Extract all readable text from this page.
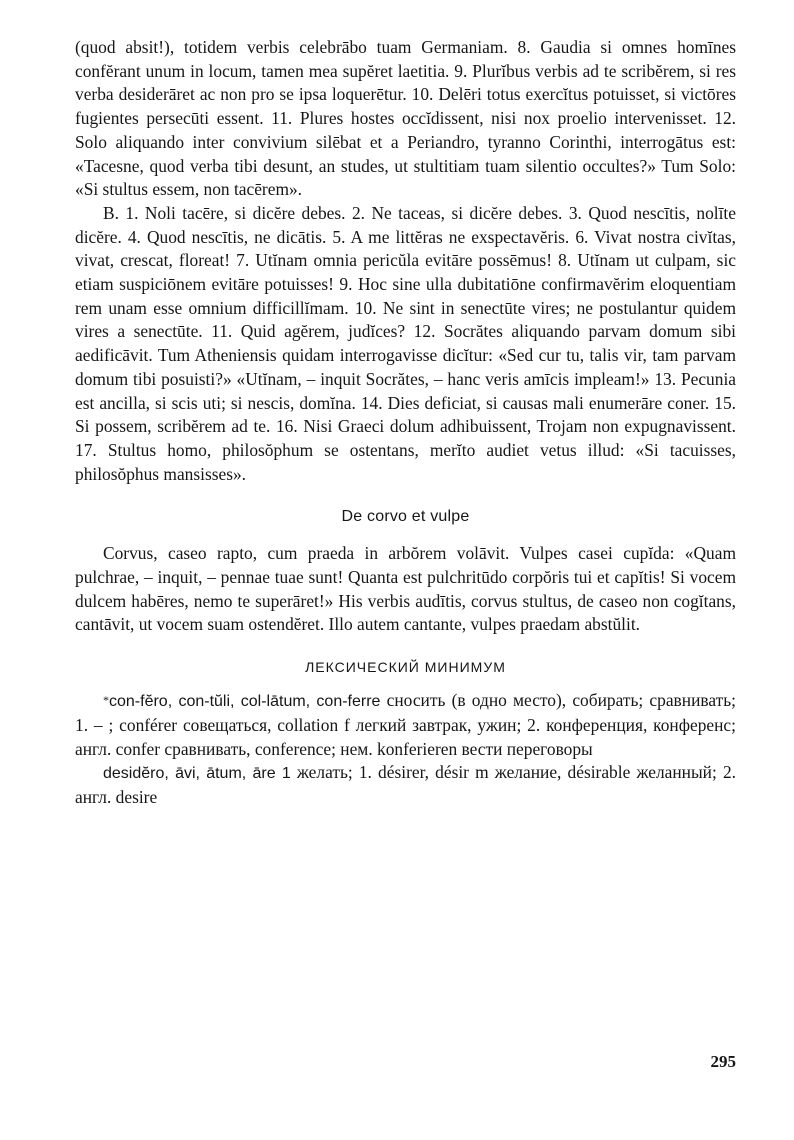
(quod absit!), totidem verbis celebrābo tuam Germaniam. 8. Gaudia si omnes homīnes confĕrant unum in locum, tamen mea supĕret laetitia. 9. Plurĭbus verbis ad te scribĕrem, si res verba desiderāret ac non pro se ipsa loquerētur. 10. Delēri totus exercĭtus potuisset, si victōres fugientes persecūti essent. 11. Plures hostes occĭdissent, nisi nox proelio intervenisset. 12. Solo aliquando inter convivium silēbat et a Periandro, tyranno Corinthi, interrogātus est: «Tacesne, quod verba tibi desunt, an studes, ut stultitiam tuam silentio occultes?» Tum Solo: «Si stultus essem, non tacērem».

B. 1. Noli tacēre, si dicĕre debes. 2. Ne taceas, si dicĕre debes. 3. Quod nescītis, nolīte dicĕre. 4. Quod nescītis, ne dicātis. 5. A me littĕras ne exspectavĕris. 6. Vivat nostra civĭtas, vivat, crescat, floreat! 7. Utĭnam omnia pericŭla evitāre possēmus! 8. Utĭnam ut culpam, sic etiam suspiciōnem evitāre potuisses! 9. Hoc sine ulla dubitatiōne confirmavĕrim eloquentiam rem unam esse omnium difficillĭmam. 10. Ne sint in senectūte vires; ne postulantur quidem vires a senectūte. 11. Quid agĕrem, judĭces? 12. Socrătes aliquando parvam domum sibi aedificāvit. Tum Atheniensis quidam interrogavisse dicĭtur: «Sed cur tu, talis vir, tam parvam domum tibi posuisti?» «Utĭnam, – inquit Socrătes, – hanc veris amīcis impleam!» 13. Pecunia est ancilla, si scis uti; si nescis, domĭna. 14. Dies deficiat, si causas mali enumerāre coner. 15. Si possem, scribĕrem ad te. 16. Nisi Graeci dolum adhibuissent, Trojam non expugnavissent. 17. Stultus homo, philosŏphum se ostentans, merĭto audiet vetus illud: «Si tacuisses, philosŏphus mansisses».

De corvo et vulpe

Corvus, caseo rapto, cum praeda in arbŏrem volāvit. Vulpes casei cupĭda: «Quam pulchrae, – inquit, – pennae tuae sunt! Quanta est pulchritūdo corpŏris tui et capĭtis! Si vocem dulcem habēres, nemo te superāret!» His verbis audītis, corvus stultus, de caseo non cogĭtans, cantāvit, ut vocem suam ostendĕret. Illo autem cantante, vulpes praedam abstŭlit.

ЛЕКСИЧЕСКИЙ МИНИМУМ

*con-fĕro, con-tŭli, col-lātum, con-ferre сносить (в одно место), собирать; сравнивать; 1. – ; conférer совещаться, collation f легкий завтрак, ужин; 2. конференция, конференс; англ. confer сравнивать, conference; нем. konferieren вести переговоры

desidĕro, āvi, ātum, āre 1 желать; 1. désirer, désir m желание, désirable желанный; 2. англ. desire

295
